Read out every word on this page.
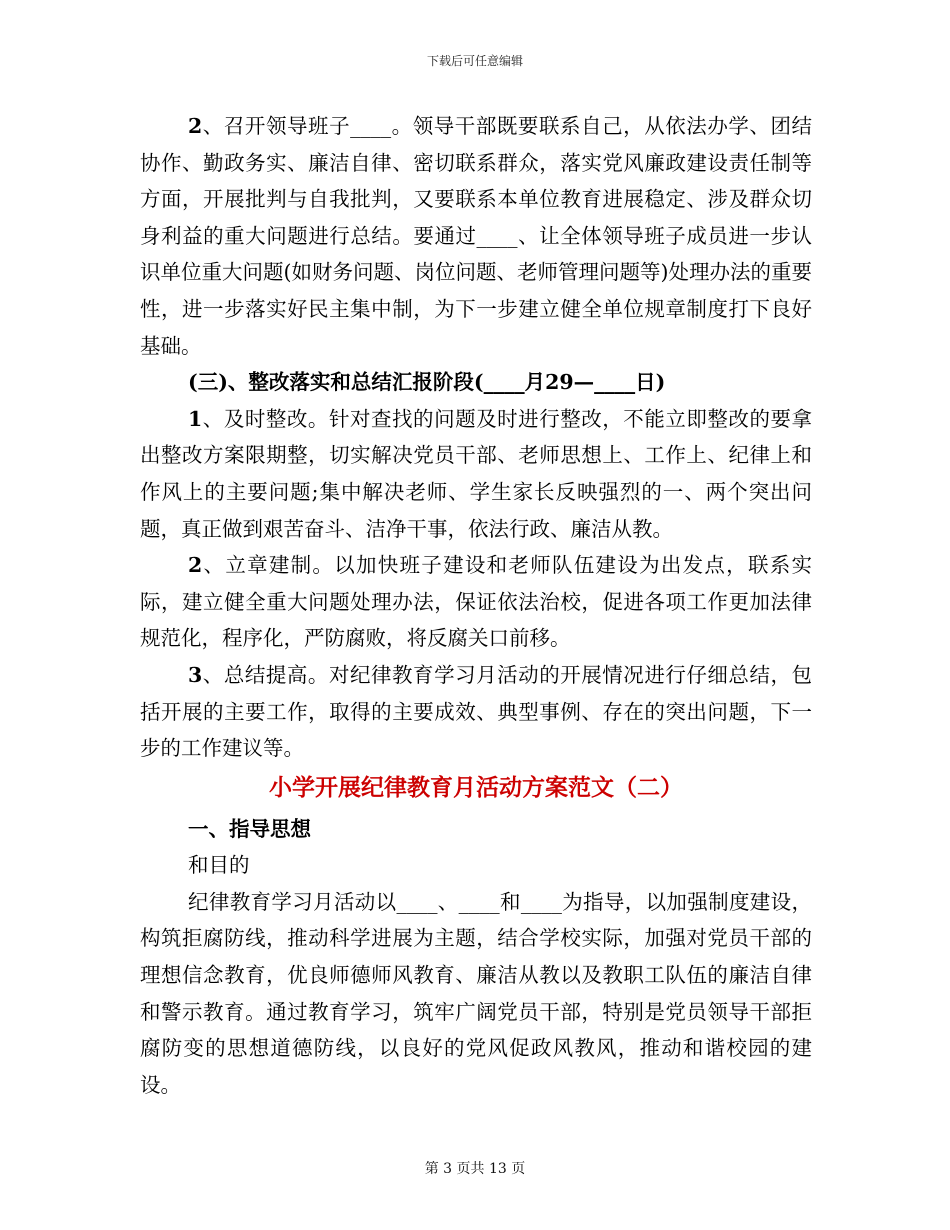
下载后可任意编辑

2、召开领导班子____。领导干部既要联系自己，从依法办学、团结协作、勤政务实、廉洁自律、密切联系群众，落实党风廉政建设责任制等方面，开展批判与自我批判，又要联系本单位教育进展稳定、涉及群众切身利益的重大问题进行总结。要通过____、让全体领导班子成员进一步认识单位重大问题(如财务问题、岗位问题、老师管理问题等)处理办法的重要性，进一步落实好民主集中制，为下一步建立健全单位规章制度打下良好基础。

(三)、整改落实和总结汇报阶段(____月29—____日)

1、及时整改。针对查找的问题及时进行整改，不能立即整改的要拿出整改方案限期整，切实解决党员干部、老师思想上、工作上、纪律上和作风上的主要问题;集中解决老师、学生家长反映强烈的一、两个突出问题，真正做到艰苦奋斗、洁净干事，依法行政、廉洁从教。

2、立章建制。以加快班子建设和老师队伍建设为出发点，联系实际，建立健全重大问题处理办法，保证依法治校，促进各项工作更加法律规范化，程序化，严防腐败，将反腐关口前移。

3、总结提高。对纪律教育学习月活动的开展情况进行仔细总结，包括开展的主要工作，取得的主要成效、典型事例、存在的突出问题，下一步的工作建议等。

小学开展纪律教育月活动方案范文（二）

一、指导思想

和目的

纪律教育学习月活动以____、____和____为指导，以加强制度建设，构筑拒腐防线，推动科学进展为主题，结合学校实际，加强对党员干部的理想信念教育，优良师德师风教育、廉洁从教以及教职工队伍的廉洁自律和警示教育。通过教育学习，筑牢广阔党员干部，特别是党员领导干部拒腐防变的思想道德防线，以良好的党风促政风教风，推动和谐校园的建设。

第 3 页共 13 页
